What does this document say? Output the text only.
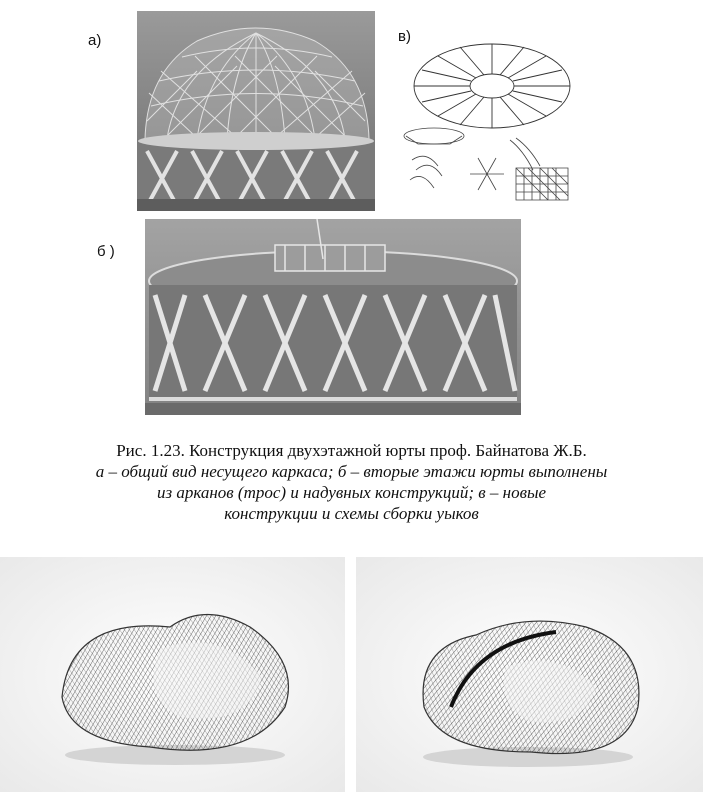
а)	в)
б )
Рис. 1.23. Конструкция двухэтажной юрты проф. Байнатова Ж.Б.
а – общий вид несущего каркаса; б – вторые этажи юрты выполнены
из арканов (трос) и надувных конструкций; в – новые
конструкции и схемы сборки уыков
